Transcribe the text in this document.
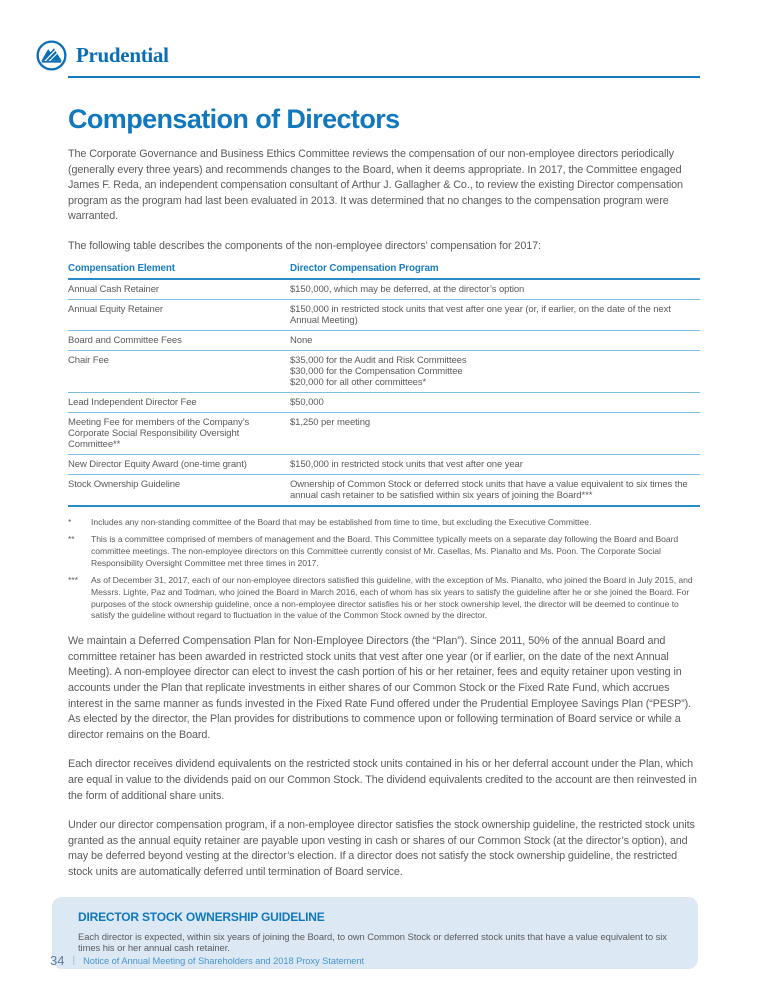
Prudential
Compensation of Directors

The Corporate Governance and Business Ethics Committee reviews the compensation of our non-employee directors periodically (generally every three years) and recommends changes to the Board, when it deems appropriate. In 2017, the Committee engaged James F. Reda, an independent compensation consultant of Arthur J. Gallagher & Co., to review the existing Director compensation program as the program had last been evaluated in 2013. It was determined that no changes to the compensation program were warranted.

The following table describes the components of the non-employee directors’ compensation for 2017:

Compensation Element	Director Compensation Program
Annual Cash Retainer	$150,000, which may be deferred, at the director’s option

Annual Equity Retainer	$150,000 in restricted stock units that vest after one year (or, if earlier, on the date of the next Annual Meeting)

Board and Committee Fees	None

Chair Fee	$35,000 for the Audit and Risk Committees
$30,000 for the Compensation Committee
$20,000 for all other committees*

Lead Independent Director Fee	$50,000

Meeting Fee for members of the Company’s Corporate Social Responsibility Oversight Committee**	$1,250 per meeting

New Director Equity Award (one-time grant)	$150,000 in restricted stock units that vest after one year

Stock Ownership Guideline	Ownership of Common Stock or deferred stock units that have a value equivalent to six times the annual cash retainer to be satisfied within six years of joining the Board***
*	Includes any non-standing committee of the Board that may be established from time to time, but excluding the Executive Committee.
**	This is a committee comprised of members of management and the Board. This Committee typically meets on a separate day following the Board and Board committee meetings. The non-employee directors on this Committee currently consist of Mr. Casellas, Ms. Pianalto and Ms. Poon. The Corporate Social Responsibility Oversight Committee met three times in 2017.
***	As of December 31, 2017, each of our non-employee directors satisfied this guideline, with the exception of Ms. Pianalto, who joined the Board in July 2015, and Messrs. Lighte, Paz and Todman, who joined the Board in March 2016, each of whom has six years to satisfy the guideline after he or she joined the Board. For purposes of the stock ownership guideline, once a non-employee director satisfies his or her stock ownership level, the director will be deemed to continue to satisfy the guideline without regard to fluctuation in the value of the Common Stock owned by the director.

We maintain a Deferred Compensation Plan for Non-Employee Directors (the “Plan”). Since 2011, 50% of the annual Board and committee retainer has been awarded in restricted stock units that vest after one year (or if earlier, on the date of the next Annual Meeting). A non-employee director can elect to invest the cash portion of his or her retainer, fees and equity retainer upon vesting in accounts under the Plan that replicate investments in either shares of our Common Stock or the Fixed Rate Fund, which accrues interest in the same manner as funds invested in the Fixed Rate Fund offered under the Prudential Employee Savings Plan (“PESP”). As elected by the director, the Plan provides for distributions to commence upon or following termination of Board service or while a director remains on the Board.

Each director receives dividend equivalents on the restricted stock units contained in his or her deferral account under the Plan, which are equal in value to the dividends paid on our Common Stock. The dividend equivalents credited to the account are then reinvested in the form of additional share units.

Under our director compensation program, if a non-employee director satisfies the stock ownership guideline, the restricted stock units granted as the annual equity retainer are payable upon vesting in cash or shares of our Common Stock (at the director’s option), and may be deferred beyond vesting at the director’s election. If a director does not satisfy the stock ownership guideline, the restricted stock units are automatically deferred until termination of Board service.

DIRECTOR STOCK OWNERSHIP GUIDELINE
Each director is expected, within six years of joining the Board, to own Common Stock or deferred stock units that have a value equivalent to six times his or her annual cash retainer.
34 | Notice of Annual Meeting of Shareholders and 2018 Proxy Statement
